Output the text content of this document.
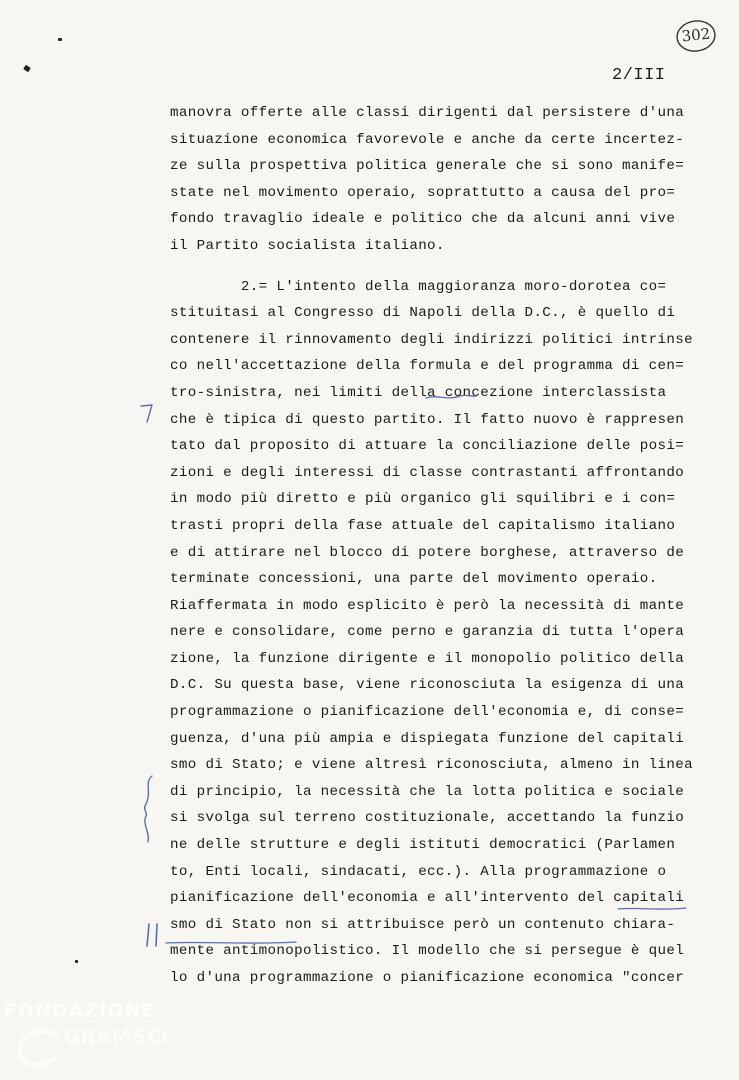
302
2/III
manovra offerte alle classi dirigenti dal persistere d'una
situazione economica favorevole e anche da certe incertez-
ze sulla prospettiva politica generale che si sono manife=
state nel movimento operaio, soprattutto a causa del pro=
fondo travaglio ideale e politico che da alcuni anni vive
il Partito socialista italiano.
2.= L'intento della maggioranza moro-dorotea co=
stituitasi al Congresso di Napoli della D.C., è quello di
contenere il rinnovamento degli indirizzi politici intrinse
co nell'accettazione della formula e del programma di cen=
tro-sinistra, nei limiti della concezione interclassista
che è tipica di questo partito. Il fatto nuovo è rappresen
tato dal proposito di attuare la conciliazione delle posi=
zioni e degli interessi di classe contrastanti affrontando
in modo più diretto e più organico gli squilibri e i con=
trasti propri della fase attuale del capitalismo italiano
e di attirare nel blocco di potere borghese, attraverso de
terminate concessioni, una parte del movimento operaio.
Riaffermata in modo esplicito è però la necessità di mante
nere e consolidare, come perno e garanzia di tutta l'opera
zione, la funzione dirigente e il monopolio politico della
D.C. Su questa base, viene riconosciuta la esigenza di una
programmazione o pianificazione dell'economia e, di conse=
guenza, d'una più ampia e dispiegata funzione del capitali
smo di Stato; e viene altresì riconosciuta, almeno in linea
di principio, la necessità che la lotta politica e sociale
si svolga sul terreno costituzionale, accettando la funzio
ne delle strutture e degli istituti democratici (Parlamen
to, Enti locali, sindacati, ecc.). Alla programmazione o
pianificazione dell'economia e all'intervento del capitali
smo di Stato non si attribuisce però un contenuto chiara-
mente antimonopolistico. Il modello che si persegue è quel
lo d'una programmazione o pianificazione economica "concer
FONDAZIONE
GRAMSCI
